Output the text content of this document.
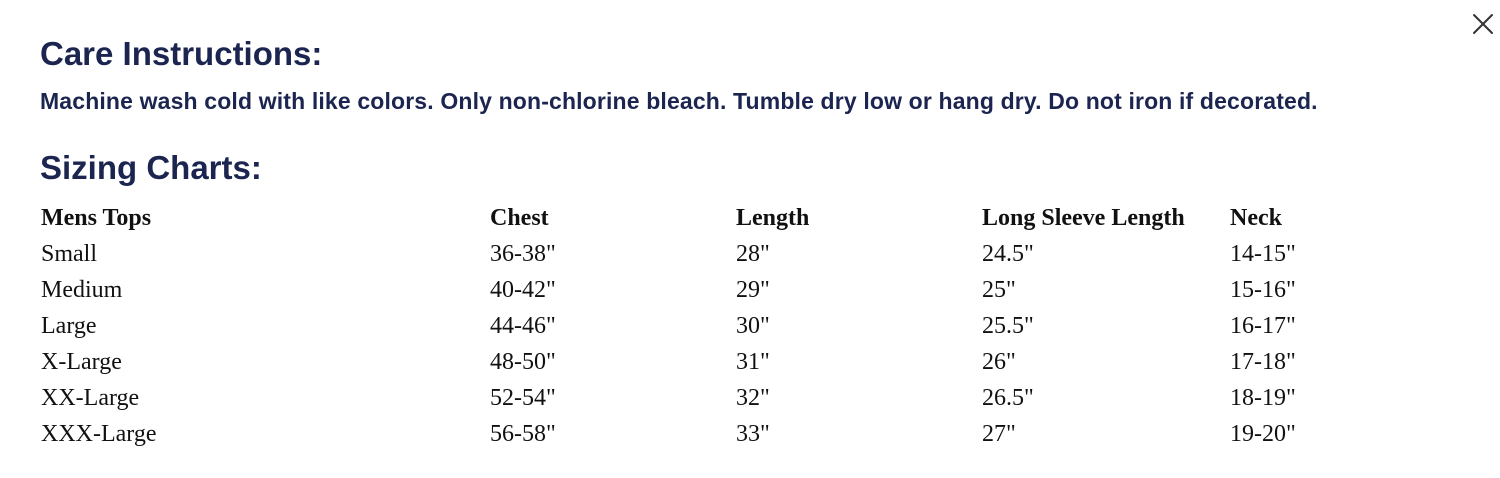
Care Instructions:

Machine wash cold with like colors. Only non-chlorine bleach. Tumble dry low or hang dry. Do not iron if decorated.

Sizing Charts:
Mens Tops	Chest	Length	Long Sleeve Length	Neck
Small	36-38"	28"	24.5"	14-15"
Medium	40-42"	29"	25"	15-16"
Large	44-46"	30"	25.5"	16-17"
X-Large	48-50"	31"	26"	17-18"
XX-Large	52-54"	32"	26.5"	18-19"
XXX-Large	56-58"	33"	27"	19-20"
